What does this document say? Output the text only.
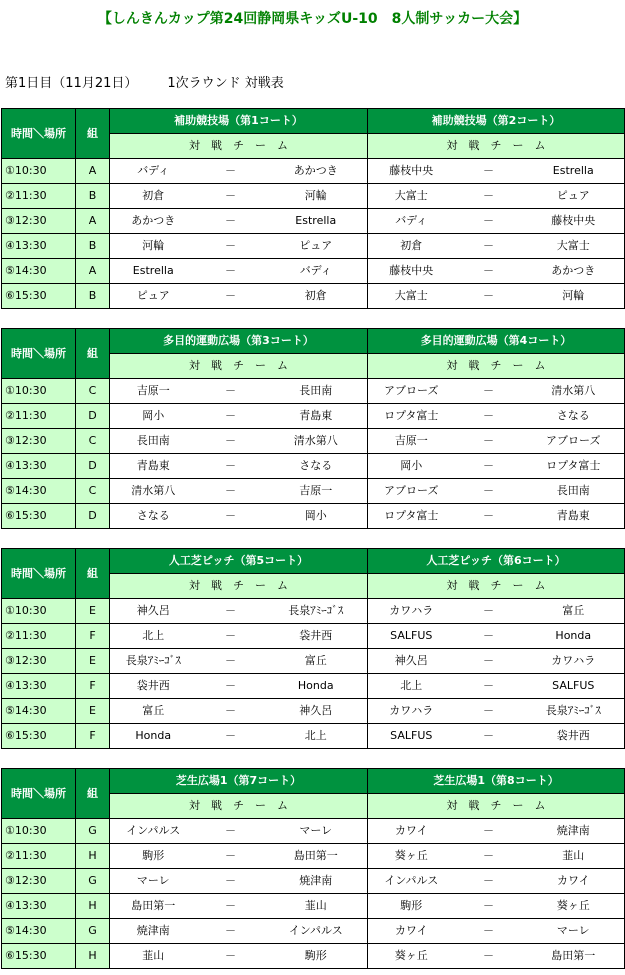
【しんきんカップ第24回静岡県キッズU-10　8人制サッカー大会】
第1日目（11月21日） 1次ラウンド 対戦表
時間＼場所	組	補助競技場（第1コート）			補助競技場（第2コート）		
		対　戦　チ　ー　ム			対　戦　チ　ー　ム		
①10:30	A	バディ	－	あかつき	藤枝中央	－	Estrella
②11:30	B	初倉	－	河輪	大富士	－	ピュア
③12:30	A	あかつき	－	Estrella	バディ	－	藤枝中央
④13:30	B	河輪	－	ピュア	初倉	－	大富士
⑤14:30	A	Estrella	－	バディ	藤枝中央	－	あかつき
⑥15:30	B	ピュア	－	初倉	大富士	－	河輪
時間＼場所	組	多目的運動広場（第3コート）			多目的運動広場（第4コート）		
		対　戦　チ　ー　ム			対　戦　チ　ー　ム		
①10:30	C	吉原一	－	長田南	アブローズ	－	清水第八
②11:30	D	岡小	－	青島東	ロプタ富士	－	さなる
③12:30	C	長田南	－	清水第八	吉原一	－	アブローズ
④13:30	D	青島東	－	さなる	岡小	－	ロプタ富士
⑤14:30	C	清水第八	－	吉原一	アブローズ	－	長田南
⑥15:30	D	さなる	－	岡小	ロプタ富士	－	青島東
時間＼場所	組	人工芝ピッチ（第5コート）			人工芝ピッチ（第6コート）		
		対　戦　チ　ー　ム			対　戦　チ　ー　ム		
①10:30	E	神久呂	－	長泉ｱﾐｰｺﾞｽ	カワハラ	－	富丘
②11:30	F	北上	－	袋井西	SALFUS	－	Honda
③12:30	E	長泉ｱﾐｰｺﾞｽ	－	富丘	神久呂	－	カワハラ
④13:30	F	袋井西	－	Honda	北上	－	SALFUS
⑤14:30	E	富丘	－	神久呂	カワハラ	－	長泉ｱﾐｰｺﾞｽ
⑥15:30	F	Honda	－	北上	SALFUS	－	袋井西
時間＼場所	組	芝生広場1（第7コート）			芝生広場1（第8コート）		
		対　戦　チ　ー　ム			対　戦　チ　ー　ム		
①10:30	G	インパルス	－	マーレ	カワイ	－	焼津南
②11:30	H	駒形	－	島田第一	葵ヶ丘	－	韮山
③12:30	G	マーレ	－	焼津南	インパルス	－	カワイ
④13:30	H	島田第一	－	韮山	駒形	－	葵ヶ丘
⑤14:30	G	焼津南	－	インパルス	カワイ	－	マーレ
⑥15:30	H	韮山	－	駒形	葵ヶ丘	－	島田第一
